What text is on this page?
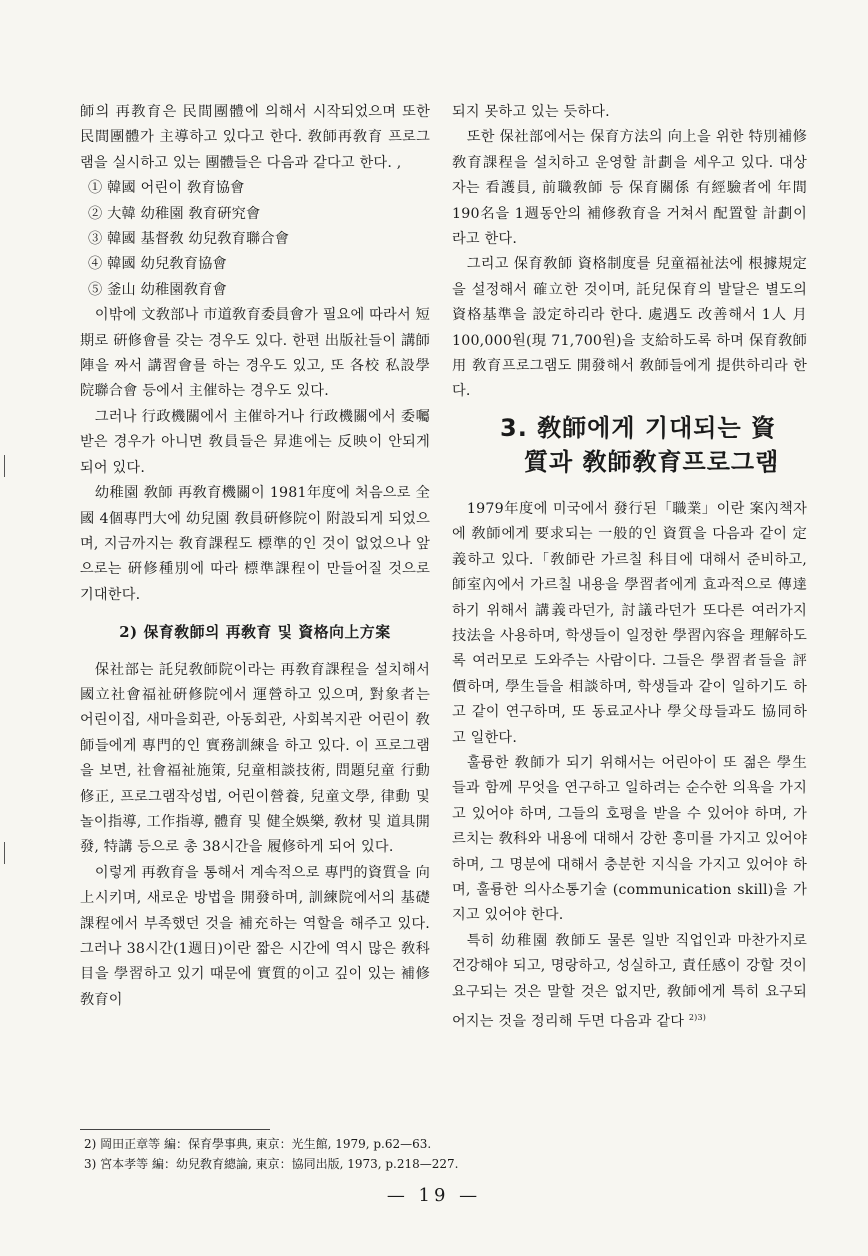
師의 再教育은 民間團體에 의해서 시작되었으며 또한 民間團體가 主導하고 있다고 한다. 敎師再敎育 프로그램을 실시하고 있는 團體들은 다음과 같다고 한다. ,

① 韓國 어린이 敎育協會
② 大韓 幼稚園 敎育硏究會
③ 韓國 基督敎 幼兒敎育聯合會
④ 韓國 幼兒敎育協會
⑤ 釜山 幼稚園敎育會

이밖에 文敎部나 市道敎育委員會가 필요에 따라서 短期로 硏修會를 갖는 경우도 있다. 한편 出版社들이 講師陣을 짜서 講習會를 하는 경우도 있고, 또 各校 私設學院聯合會 등에서 主催하는 경우도 있다.

그러나 行政機關에서 主催하거나 行政機關에서 委囑받은 경우가 아니면 敎員들은 昇進에는 反映이 안되게 되어 있다.

幼稚園 敎師 再敎育機關이 1981年度에 처음으로 全國 4個專門大에 幼兒園 敎員硏修院이 附設되게 되었으며, 지금까지는 敎育課程도 標準的인 것이 없었으나 앞으로는 硏修種別에 따라 標準課程이 만들어질 것으로 기대한다.

2) 保育敎師의 再敎育 및 資格向上方案

保社部는 託兒敎師院이라는 再敎育課程을 설치해서 國立社會福祉硏修院에서 運營하고 있으며, 對象者는 어린이집, 새마을회관, 아동회관, 사회복지관 어린이 敎師들에게 專門的인 實務訓練을 하고 있다. 이 프로그램을 보면, 社會福祉施策, 兒童相談技術, 問題兒童 行動修正, 프로그램작성법, 어린이營養, 兒童文學, 律動 및 놀이指導, 工作指導, 體育 및 健全娛樂, 敎材 및 道具開發, 特講 등으로 총 38시간을 履修하게 되어 있다.

이렇게 再敎育을 통해서 계속적으로 專門的資質을 向上시키며, 새로운 방법을 開發하며, 訓練院에서의 基礎課程에서 부족했던 것을 補充하는 역할을 해주고 있다. 그러나 38시간(1週日)이란 짧은 시간에 역시 많은 敎科目을 學習하고 있기 때문에 實質的이고 깊이 있는 補修敎育이

되지 못하고 있는 듯하다.

또한 保社部에서는 保育方法의 向上을 위한 特別補修敎育課程을 설치하고 운영할 計劃을 세우고 있다. 대상자는 看護員, 前職敎師 등 保育關係 有經驗者에 年間 190名을 1週동안의 補修敎育을 거쳐서 配置할 計劃이라고 한다.

그리고 保育敎師 資格制度를 兒童福祉法에 根據規定을 설정해서 確立한 것이며, 託兒保育의 발달은 별도의 資格基準을 設定하리라 한다. 處遇도 改善해서 1人 月 100,000원(現 71,700원)을 支給하도록 하며 保育敎師用 敎育프로그램도 開發해서 敎師들에게 提供하리라 한다.

3. 敎師에게 기대되는 資
質과 敎師敎育프로그램

1979年度에 미국에서 發行된「職業」이란 案內책자에 敎師에게 要求되는 一般的인 資質을 다음과 같이 定義하고 있다.「敎師란 가르칠 科目에 대해서 준비하고, 師室內에서 가르칠 내용을 學習者에게 효과적으로 傳達하기 위해서 講義라던가, 討議라던가 또다른 여러가지 技法을 사용하며, 학생들이 일정한 學習內容을 理解하도록 여러모로 도와주는 사람이다. 그들은 學習者들을 評價하며, 學生들을 相談하며, 학생들과 같이 일하기도 하고 같이 연구하며, 또 동료교사나 學父母들과도 協同하고 일한다.

훌륭한 敎師가 되기 위해서는 어린아이 또 젊은 學生들과 함께 무엇을 연구하고 일하려는 순수한 의욕을 가지고 있어야 하며, 그들의 호평을 받을 수 있어야 하며, 가르치는 敎科와 내용에 대해서 강한 흥미를 가지고 있어야 하며, 그 명분에 대해서 충분한 지식을 가지고 있어야 하며, 훌륭한 의사소통기술 (communication skill)을 가지고 있어야 한다.

특히 幼稚園 敎師도 물론 일반 직업인과 마찬가지로 건강해야 되고, 명랑하고, 성실하고, 責任感이 강할 것이 요구되는 것은 말할 것은 없지만, 敎師에게 특히 요구되어지는 것을 정리해 두면 다음과 같다 $^{2)3)}$

2) 岡田正章等 編：保育學事典, 東京：光生館, 1979, p.62—63.
3) 宮本孝等 編：幼兒敎育總論, 東京：協同出版, 1973, p.218—227.
— 19 —
